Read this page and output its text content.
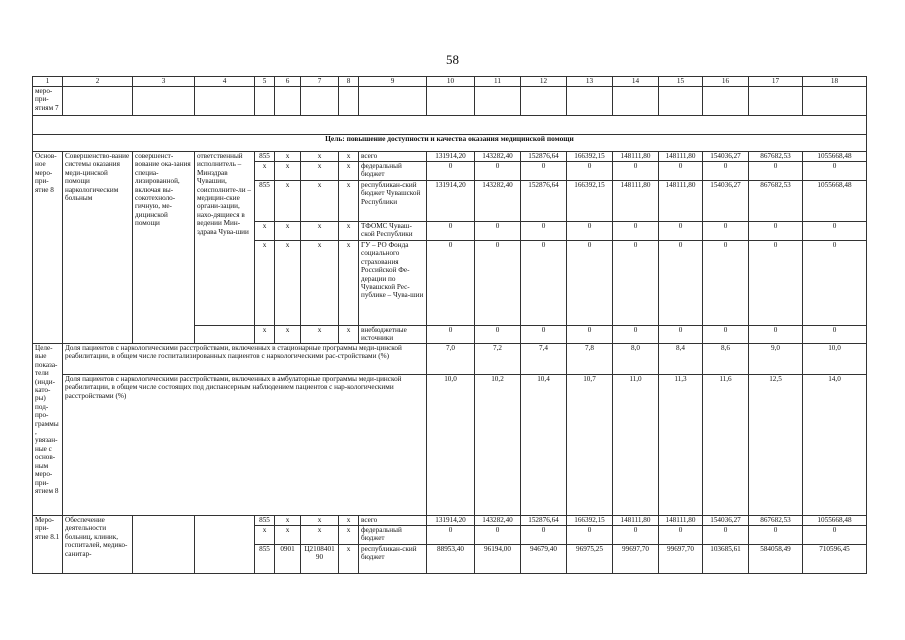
58
1	2	3	4	5	6	7	8	9	10	11	12	13	14	15	16	17	18
меро-при-ятиям 7																	

Цель: повышение доступности и качества оказания медицинской помощи																	
Основ-ное меро-при-ятие 8	Совершенство-вание системы оказания меди-цинской помощи наркологическим больным	совершенст-вование ока-зания специа-лизированной, включая вы-сокотехноло-гичную, ме-дицинской помощи	ответственный исполнитель – Минздрав Чувашии, соисполните-ли – медицин-ские органи-зации, нахо-дящиеся в ведении Мин-здрава Чува-шии	855	x	x	x	всего	131914,20	143282,40	152876,64	166392,15	148111,80	148111,80	154036,27	867682,53	1055668,48
				x	x	x	x	федеральный бюджет	0	0	0	0	0	0	0	0	0
				855	x	x	x	республикан-ский бюджет Чувашской Республики	131914,20	143282,40	152876,64	166392,15	148111,80	148111,80	154036,27	867682,53	1055668,48
				x	x	x	x	ТФОМС Чуваш-ской Республики	0	0	0	0	0	0	0	0	0
				x	x	x	x	ГУ – РО Фонда социального страхования Российской Фе-дерации по Чувашской Рес-публике – Чува-шии	0	0	0	0	0	0	0	0	0
				x	x	x	x	внебюджетные источники	0	0	0	0	0	0	0	0	0
Целе-вые показа-тели (инди-като-ры) под-про-граммы, увязан-ные с основ-ным меро-при-ятием 8	Доля пациентов с наркологическими расстройствами, включенных в стационарные программы меди-цинской реабилитации, в общем числе госпитализированных пациентов с наркологическими рас-стройствами (%)								7,0	7,2	7,4	7,8	8,0	8,4	8,6	9,0	10,0
	Доля пациентов с наркологическими расстройствами, включенных в амбулаторные программы меди-цинской реабилитации, в общем числе состоящих под диспансерным наблюдением пациентов с нар-кологическими расстройствами (%)								10,0	10,2	10,4	10,7	11,0	11,3	11,6	12,5	14,0
Меро-при-ятие 8.1	Обеспечение деятельности больниц, клиник, госпиталей, медико-санитар-			855	x	x	x	всего	131914,20	143282,40	152876,64	166392,15	148111,80	148111,80	154036,27	867682,53	1055668,48
				x	x	x	x	федеральный бюджет	0	0	0	0	0	0	0	0	0
				855	0901	Ц2108401 90	x	республикан-ский бюджет	88953,40	96194,00	94679,40	96975,25	99697,70	99697,70	103685,61	584058,49	710596,45
